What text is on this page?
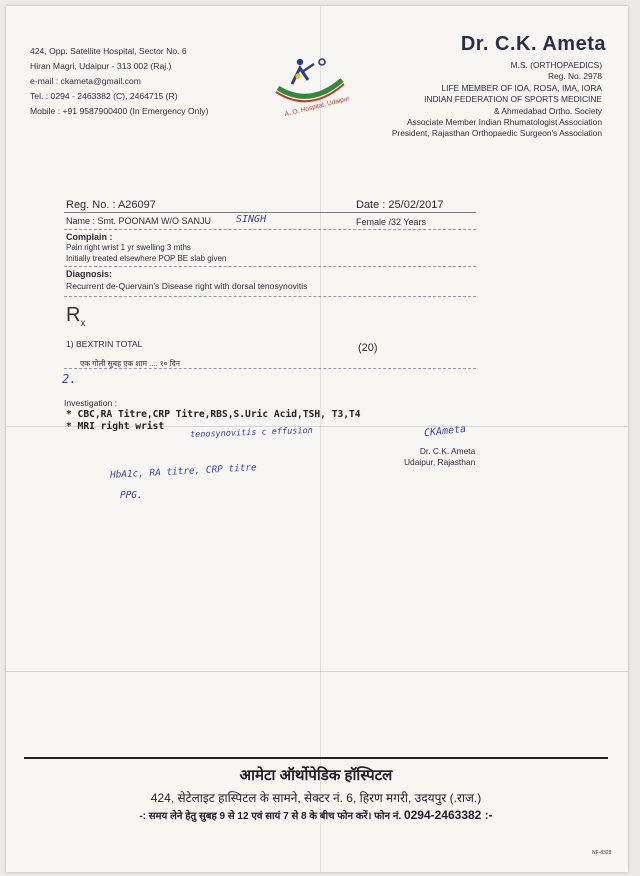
424, Opp. Satellite Hospital, Sector No. 6
Hiran Magri, Udaipur - 313 002 (Raj.)
e-mail : ckameta@gmail.com
Tel. : 0294 - 2463382 (C), 2464715 (R)
Mobile : +91 9587900400 (In Emergency Only)	A. O. Hospital, Udaipur
Dr. C.K. Ameta
M.S. (ORTHOPAEDICS)
Reg. No. 2978
LIFE MEMBER OF IOA, ROSA, IMA, IORA
INDIAN FEDERATION OF SPORTS MEDICINE
& Ahmedabad Ortho. Society
Associate Member Indian Rhumatologist Association
President, Rajasthan Orthopaedic Surgeon's Association
Reg. No. : A26097	Date : 25/02/2017
Name : Smt. POONAM W/O SANJU SINGH	Female /32 Years
Complain :
Pain right wrist 1 yr swelling 3 mths
Initially treated elsewhere POP BE slab given
Diagnosis:
Recurrent de-Quervain's Disease right with dorsal tenosynovitis
$R_x$
1) BEXTRIN TOTAL	(20)
एक गोली सुबह एक शाम .... १० दिन
2.
Investigation :
* CBC,RA Titre,CRP Titre,RBS,S.Uric Acid,TSH, T3,T4
* MRI right wrist	tenosynovitis c effusion
HbA1c, RA titre, CRP titre
PPG.
CKAmeta
Dr. C.K. Ameta
Udaipur, Rajasthan
आमेटा ऑर्थोपेडिक हॉस्पिटल
424, सेटेलाइट हास्पिटल के सामने, सेक्टर नं. 6, हिरण मगरी, उदयपुर (.राज.)
-: समय लेने हेतु सुबह 9 से 12 एवं सायं 7 से 8 के बीच फोन करें। फोन नं. 0294-2463382 :-
NF-8328
